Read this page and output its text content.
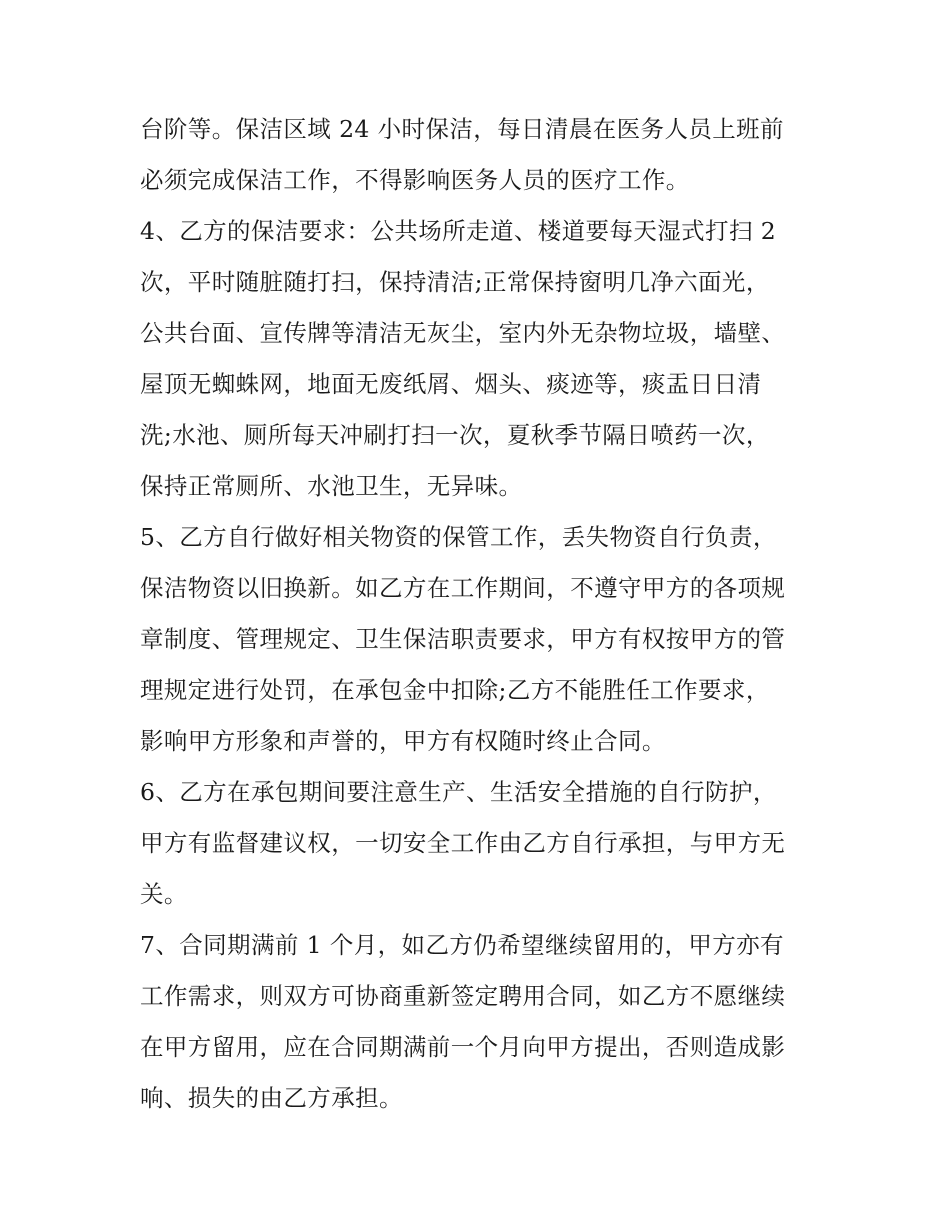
台阶等。保洁区域 24 小时保洁，每日清晨在医务人员上班前
必须完成保洁工作，不得影响医务人员的医疗工作。
4、乙方的保洁要求：公共场所走道、楼道要每天湿式打扫 2
次，平时随脏随打扫，保持清洁;正常保持窗明几净六面光，
公共台面、宣传牌等清洁无灰尘，室内外无杂物垃圾，墙壁、
屋顶无蜘蛛网，地面无废纸屑、烟头、痰迹等，痰盂日日清
洗;水池、厕所每天冲刷打扫一次，夏秋季节隔日喷药一次，
保持正常厕所、水池卫生，无异味。
5、乙方自行做好相关物资的保管工作，丢失物资自行负责，
保洁物资以旧换新。如乙方在工作期间，不遵守甲方的各项规
章制度、管理规定、卫生保洁职责要求，甲方有权按甲方的管
理规定进行处罚，在承包金中扣除;乙方不能胜任工作要求，
影响甲方形象和声誉的，甲方有权随时终止合同。
6、乙方在承包期间要注意生产、生活安全措施的自行防护，
甲方有监督建议权，一切安全工作由乙方自行承担，与甲方无
关。
7、合同期满前 1 个月，如乙方仍希望继续留用的，甲方亦有
工作需求，则双方可协商重新签定聘用合同，如乙方不愿继续
在甲方留用，应在合同期满前一个月向甲方提出，否则造成影
响、损失的由乙方承担。
